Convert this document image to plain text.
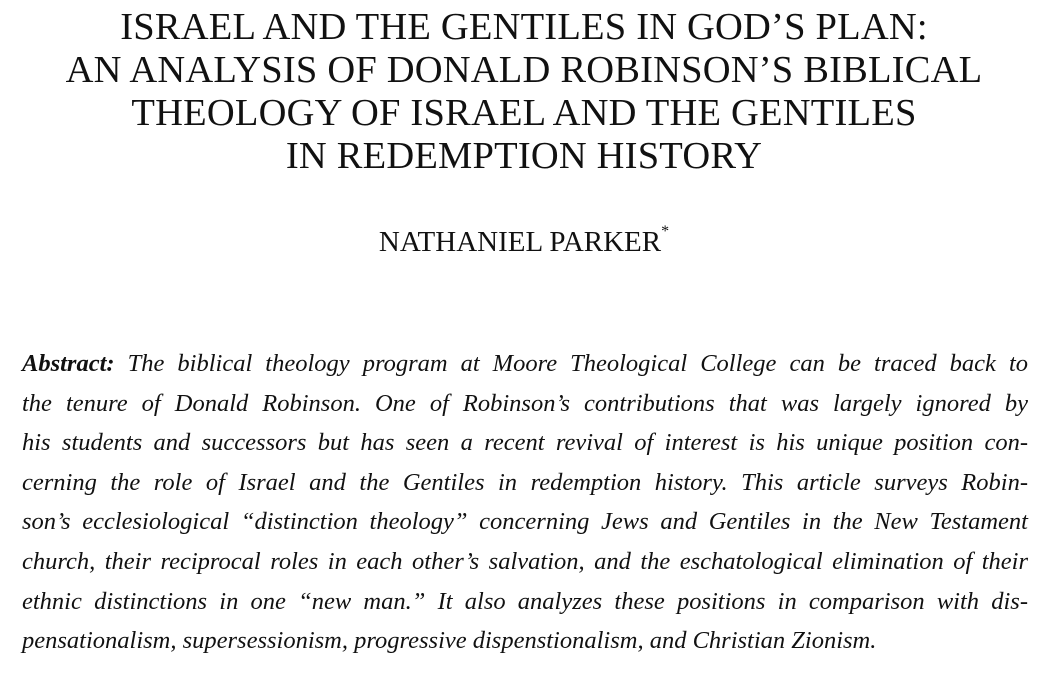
ISRAEL AND THE GENTILES IN GOD’S PLAN:
AN ANALYSIS OF DONALD ROBINSON’S BIBLICAL
THEOLOGY OF ISRAEL AND THE GENTILES
IN REDEMPTION HISTORY
NATHANIEL PARKER*
Abstract: The biblical theology program at Moore Theological College can be traced back to
the tenure of Donald Robinson. One of Robinson’s contributions that was largely ignored by
his students and successors but has seen a recent revival of interest is his unique position con-
cerning the role of Israel and the Gentiles in redemption history. This article surveys Robin-
son’s ecclesiological “distinction theology” concerning Jews and Gentiles in the New Testament
church, their reciprocal roles in each other’s salvation, and the eschatological elimination of their
ethnic distinctions in one “new man.” It also analyzes these positions in comparison with dis-
pensationalism, supersessionism, progressive dispenstionalism, and Christian Zionism.
